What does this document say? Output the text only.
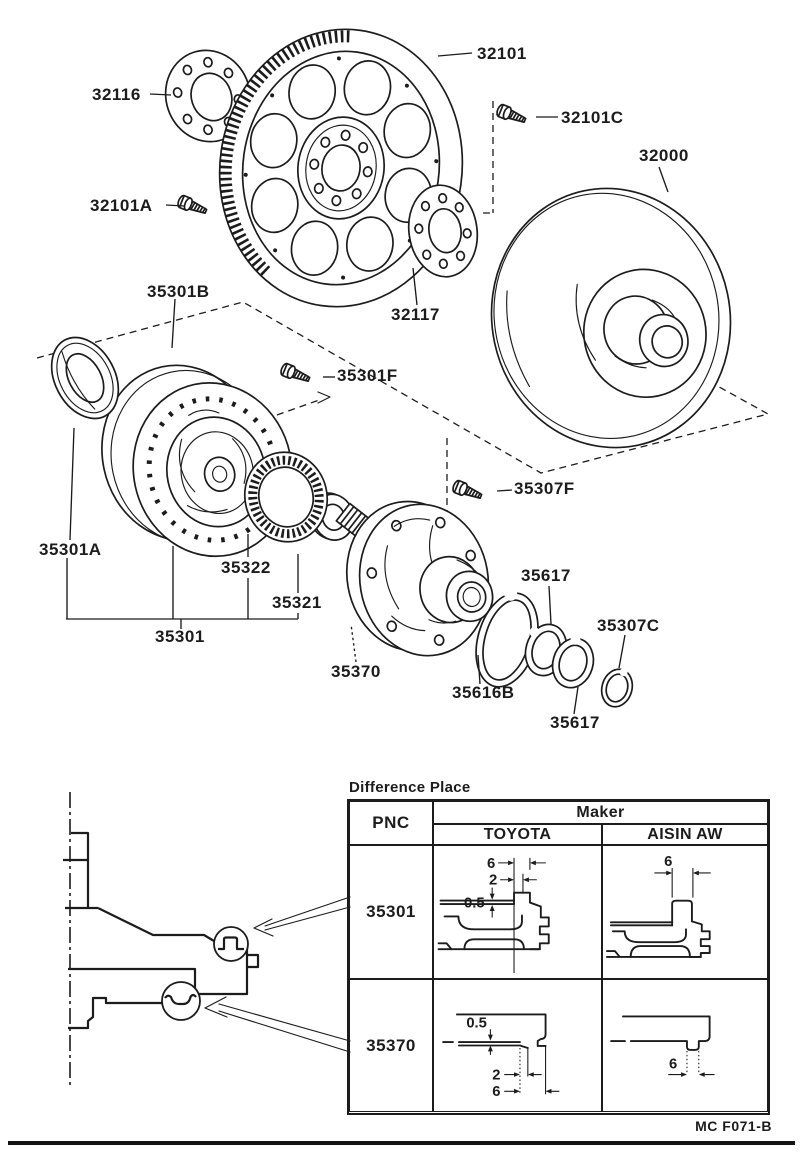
32101
32116
32101C
32000
32101A
35301B
32117
35301F
35307F
35301A
35322
35321
35301
35370
35617
35616B
35617
35307C
Difference Place
PNC
Maker
TOYOTA	AISIN AW
35301
6
2
0.5
6
35370
0.5
2
6
6
MC F071-B
